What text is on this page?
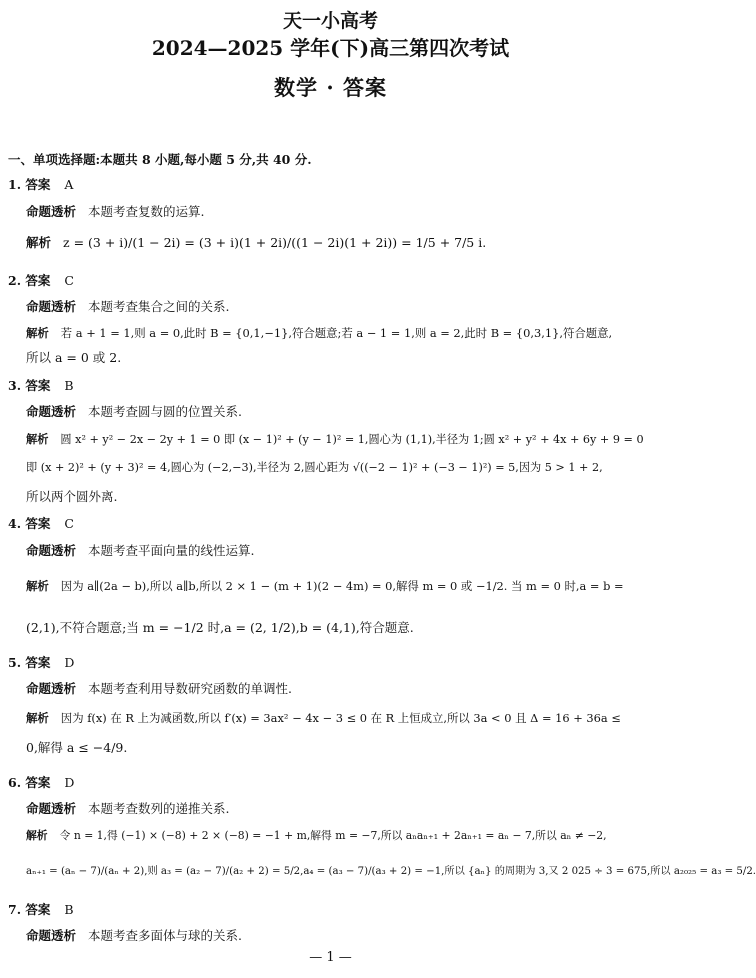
天一小高考
2024—2025 学年(下)高三第四次考试
数学 · 答案
一、单项选择题:本题共 8 小题,每小题 5 分,共 40 分.
1. 答案 A
命题透析 本题考查复数的运算.
解析 z = (3 + i)/(1 − 2i) = (3 + i)(1 + 2i)/((1 − 2i)(1 + 2i)) = 1/5 + 7/5 i.
2. 答案 C
命题透析 本题考查集合之间的关系.
解析 若 a + 1 = 1,则 a = 0,此时 B = {0,1,−1},符合题意;若 a − 1 = 1,则 a = 2,此时 B = {0,3,1},符合题意,
所以 a = 0 或 2.
3. 答案 B
命题透析 本题考查圆与圆的位置关系.
解析 圆 x² + y² − 2x − 2y + 1 = 0 即 (x − 1)² + (y − 1)² = 1,圆心为 (1,1),半径为 1;圆 x² + y² + 4x + 6y + 9 = 0
即 (x + 2)² + (y + 3)² = 4,圆心为 (−2,−3),半径为 2,圆心距为 √((−2 − 1)² + (−3 − 1)²) = 5,因为 5 > 1 + 2,
所以两个圆外离.
4. 答案 C
命题透析 本题考查平面向量的线性运算.
解析 因为 a∥(2a − b),所以 a∥b,所以 2 × 1 − (m + 1)(2 − 4m) = 0,解得 m = 0 或 −1/2. 当 m = 0 时,a = b =
(2,1),不符合题意;当 m = −1/2 时,a = (2, 1/2),b = (4,1),符合题意.
5. 答案 D
命题透析 本题考查利用导数研究函数的单调性.
解析 因为 f(x) 在 R 上为减函数,所以 f′(x) = 3ax² − 4x − 3 ≤ 0 在 R 上恒成立,所以 3a < 0 且 Δ = 16 + 36a ≤
0,解得 a ≤ −4/9.
6. 答案 D
命题透析 本题考查数列的递推关系.
解析 令 n = 1,得 (−1) × (−8) + 2 × (−8) = −1 + m,解得 m = −7,所以 aₙaₙ₊₁ + 2aₙ₊₁ = aₙ − 7,所以 aₙ ≠ −2,
aₙ₊₁ = (aₙ − 7)/(aₙ + 2),则 a₃ = (a₂ − 7)/(a₂ + 2) = 5/2,a₄ = (a₃ − 7)/(a₃ + 2) = −1,所以 {aₙ} 的周期为 3,又 2 025 ÷ 3 = 675,所以 a₂₀₂₅ = a₃ = 5/2.
7. 答案 B
命题透析 本题考查多面体与球的关系.
— 1 —
